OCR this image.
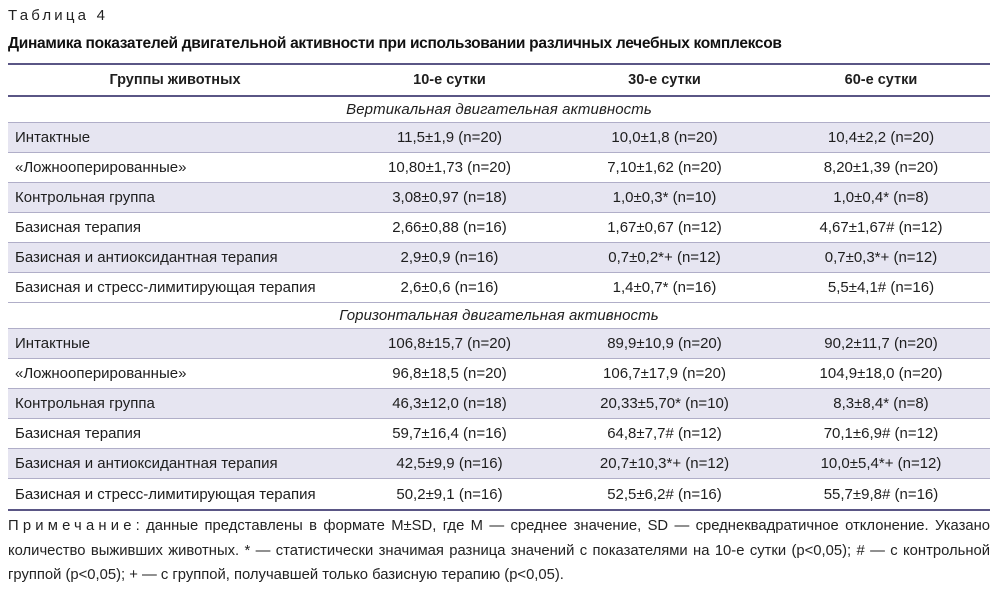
Таблица 4
Динамика показателей двигательной активности при использовании различных лечебных комплексов
Группы животных	10-е сутки	30-е сутки	60-е сутки
Вертикальная двигательная активность			
Интактные	11,5±1,9 (n=20)	10,0±1,8 (n=20)	10,4±2,2 (n=20)
«Ложнооперированные»	10,80±1,73 (n=20)	7,10±1,62 (n=20)	8,20±1,39 (n=20)
Контрольная группа	3,08±0,97 (n=18)	1,0±0,3* (n=10)	1,0±0,4* (n=8)
Базисная терапия	2,66±0,88 (n=16)	1,67±0,67 (n=12)	4,67±1,67# (n=12)
Базисная и антиоксидантная терапия	2,9±0,9 (n=16)	0,7±0,2*+ (n=12)	0,7±0,3*+ (n=12)
Базисная и стресс-лимитирующая терапия	2,6±0,6 (n=16)	1,4±0,7* (n=16)	5,5±4,1# (n=16)
Горизонтальная двигательная активность			
Интактные	106,8±15,7 (n=20)	89,9±10,9 (n=20)	90,2±11,7 (n=20)
«Ложнооперированные»	96,8±18,5 (n=20)	106,7±17,9 (n=20)	104,9±18,0 (n=20)
Контрольная группа	46,3±12,0 (n=18)	20,33±5,70* (n=10)	8,3±8,4* (n=8)
Базисная терапия	59,7±16,4 (n=16)	64,8±7,7# (n=12)	70,1±6,9# (n=12)
Базисная и антиоксидантная терапия	42,5±9,9 (n=16)	20,7±10,3*+ (n=12)	10,0±5,4*+ (n=12)
Базисная и стресс-лимитирующая терапия	50,2±9,1 (n=16)	52,5±6,2# (n=16)	55,7±9,8# (n=16)
Примечание: данные представлены в формате M±SD, где M — среднее значение, SD — среднеквадратичное отклонение. Указано количество выживших животных. * — статистически значимая разница значений с показателями на 10-е сутки (p<0,05); # — с контрольной группой (p<0,05); + — с группой, получавшей только базисную терапию (p<0,05).
